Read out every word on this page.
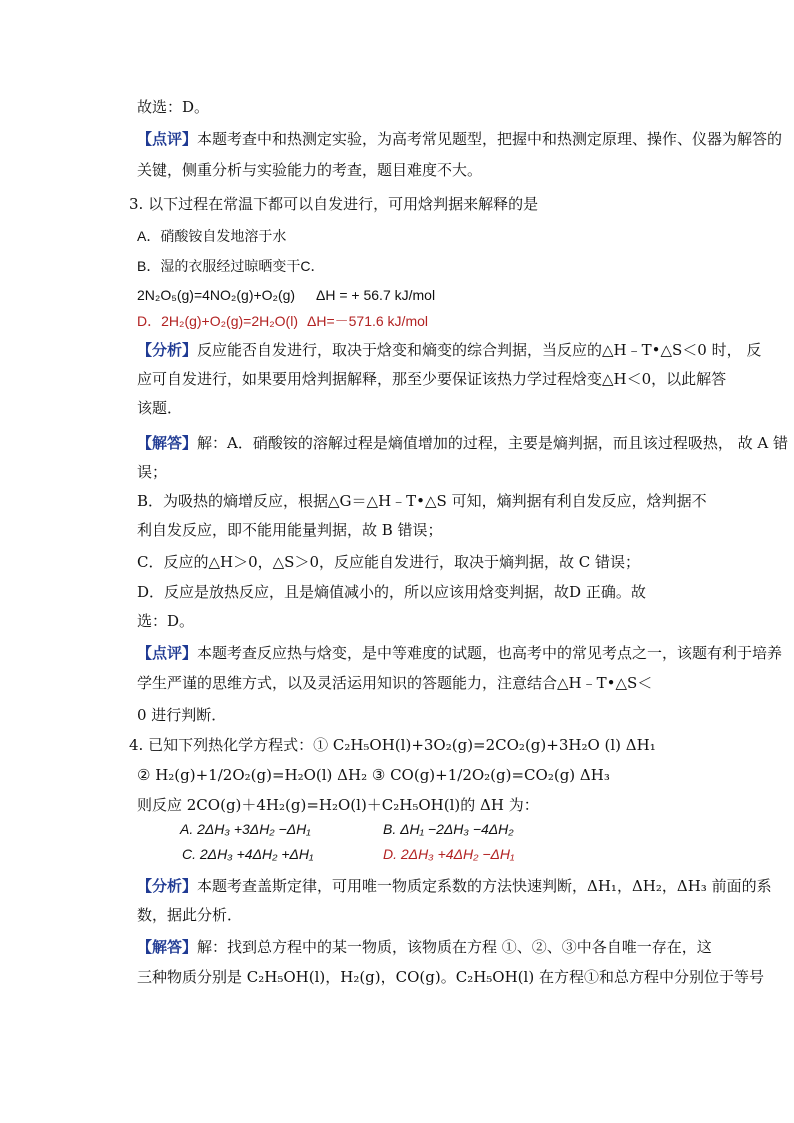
故选：D。
【点评】本题考查中和热测定实验，为高考常见题型，把握中和热测定原理、操作、仪器为解答的
关键，侧重分析与实验能力的考查，题目难度不大。
3. 以下过程在常温下都可以自发进行，可用焓判据来解释的是
A．硝酸铵自发地溶于水
B．湿的衣服经过晾晒变干C．
2N₂O₅(g)=4NO₂(g)+O₂(g) ΔH = + 56.7 kJ/mol
D．2H₂(g)+O₂(g)=2H₂O(l) ΔH=－571.6 kJ/mol
【分析】反应能否自发进行，取决于焓变和熵变的综合判据，当反应的△H﹣T•△S＜0 时， 反
应可自发进行，如果要用焓判据解释，那至少要保证该热力学过程焓变△H＜0，以此解答
该题．
【解答】解：A．硝酸铵的溶解过程是熵值增加的过程，主要是熵判据，而且该过程吸热， 故 A 错
误；
B．为吸热的熵增反应，根据△G＝△H﹣T•△S 可知，熵判据有利自发反应，焓判据不
利自发反应，即不能用能量判据，故 B 错误；
C．反应的△H＞0，△S＞0，反应能自发进行，取决于熵判据，故 C 错误；
D．反应是放热反应，且是熵值减小的，所以应该用焓变判据，故D 正确。故
选：D。
【点评】本题考查反应热与焓变，是中等难度的试题，也高考中的常见考点之一，该题有利于培养
学生严谨的思维方式，以及灵活运用知识的答题能力，注意结合△H﹣T•△S＜
0 进行判断．
4. 已知下列热化学方程式：① C₂H₅OH(l)+3O₂(g)=2CO₂(g)+3H₂O (l) ΔH₁
② H₂(g)+1/2O₂(g)=H₂O(l) ΔH₂ ③ CO(g)+1/2O₂(g)=CO₂(g) ΔH₃
则反应 2CO(g)＋4H₂(g)=H₂O(l)＋C₂H₅OH(l)的 ΔH 为：
A. 2ΔH₃ +3ΔH₂ −ΔH₁	B. ΔH₁ −2ΔH₃ −4ΔH₂
C. 2ΔH₃ +4ΔH₂ +ΔH₁	D. 2ΔH₃ +4ΔH₂ −ΔH₁
【分析】本题考查盖斯定律，可用唯一物质定系数的方法快速判断，ΔH₁，ΔH₂，ΔH₃ 前面的系
数，据此分析．
【解答】解：找到总方程中的某一物质，该物质在方程 ①、②、③中各自唯一存在，这
三种物质分别是 C₂H₅OH(l)，H₂(g)，CO(g)。C₂H₅OH(l) 在方程①和总方程中分别位于等号
